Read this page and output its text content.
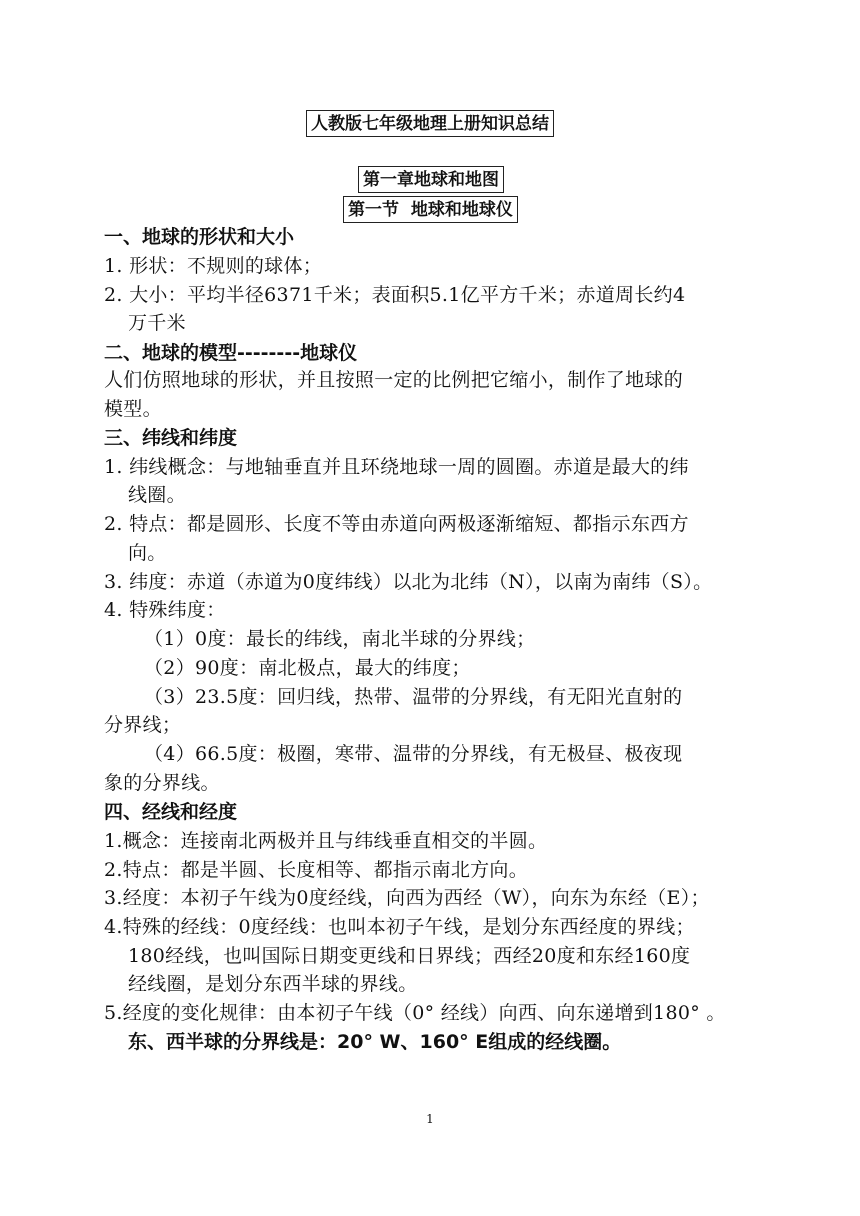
人教版七年级地理上册知识总结
第一章地球和地图
第一节  地球和地球仪
一、地球的形状和大小
1. 形状：不规则的球体；
2. 大小：平均半径6371千米；表面积5.1亿平方千米；赤道周长约4
万千米
二、地球的模型--------地球仪
人们仿照地球的形状，并且按照一定的比例把它缩小，制作了地球的
模型。
三、纬线和纬度
1. 纬线概念：与地轴垂直并且环绕地球一周的圆圈。赤道是最大的纬
线圈。
2. 特点：都是圆形、长度不等由赤道向两极逐渐缩短、都指示东西方
向。
3. 纬度：赤道（赤道为0度纬线）以北为北纬（N），以南为南纬（S）。
4. 特殊纬度：
（1）0度：最长的纬线，南北半球的分界线；
（2）90度：南北极点，最大的纬度；
（3）23.5度：回归线，热带、温带的分界线，有无阳光直射的
分界线；
（4）66.5度：极圈，寒带、温带的分界线，有无极昼、极夜现
象的分界线。
四、经线和经度
1.概念：连接南北两极并且与纬线垂直相交的半圆。
2.特点：都是半圆、长度相等、都指示南北方向。
3.经度：本初子午线为0度经线，向西为西经（W），向东为东经（E）；
4.特殊的经线：0度经线：也叫本初子午线，是划分东西经度的界线；
180经线，也叫国际日期变更线和日界线；西经20度和东经160度
经线圈，是划分东西半球的界线。
5.经度的变化规律：由本初子午线（0° 经线）向西、向东递增到180° 。
东、西半球的分界线是：20° W、160° E组成的经线圈。
1
